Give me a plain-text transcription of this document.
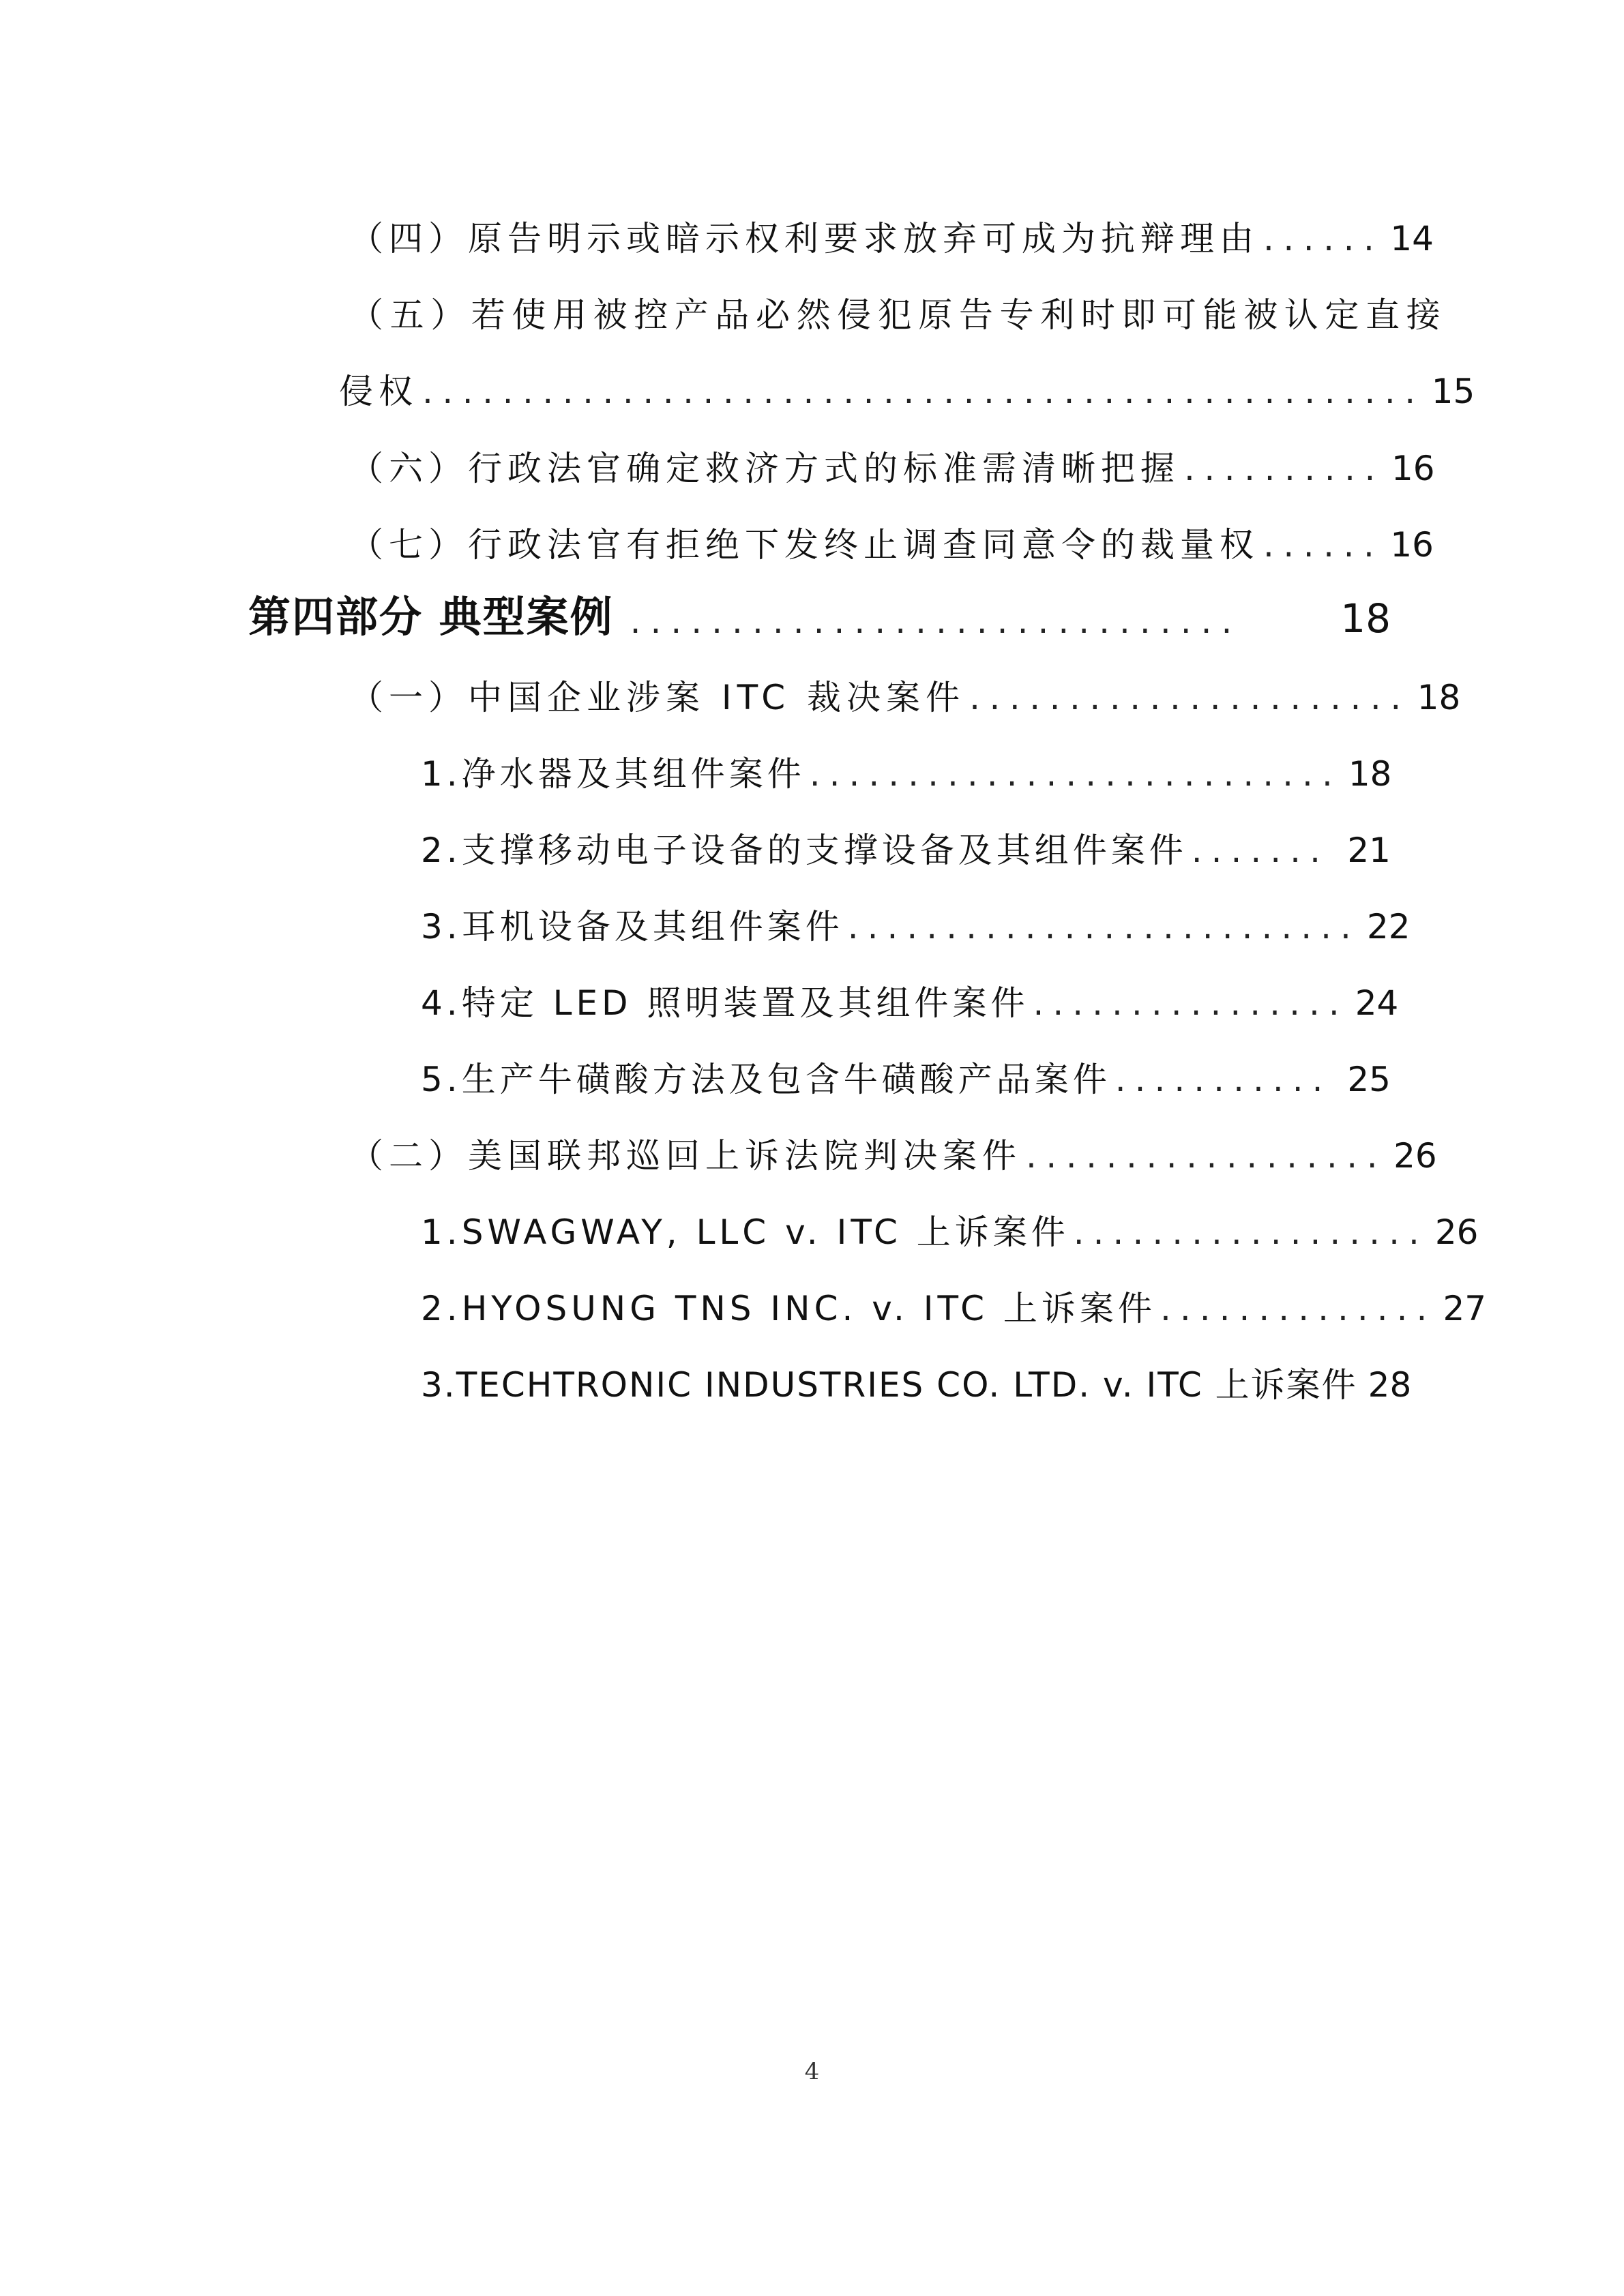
（四）原告明示或暗示权利要求放弃可成为抗辩理由 ...... 14
（五）若使用被控产品必然侵犯原告专利时即可能被认定直接
侵权 .................................................. 15
（六）行政法官确定救济方式的标准需清晰把握 .......... 16
（七）行政法官有拒绝下发终止调查同意令的裁量权 ...... 16
第四部分 典型案例 ..............................	18
（一）中国企业涉案 ITC 裁决案件 ...................... 18
1.净水器及其组件案件 ........................... 18
2.支撑移动电子设备的支撑设备及其组件案件 ....... 21
3.耳机设备及其组件案件 .......................... 22
4.特定 LED 照明装置及其组件案件 ................ 24
5.生产牛磺酸方法及包含牛磺酸产品案件 ........... 25
（二）美国联邦巡回上诉法院判决案件 .................. 26
1.SWAGWAY, LLC v. ITC 上诉案件 .................. 26
2.HYOSUNG TNS INC. v. ITC 上诉案件 .............. 27
3.TECHTRONIC INDUSTRIES CO. LTD. v. ITC 上诉案件 28
4
